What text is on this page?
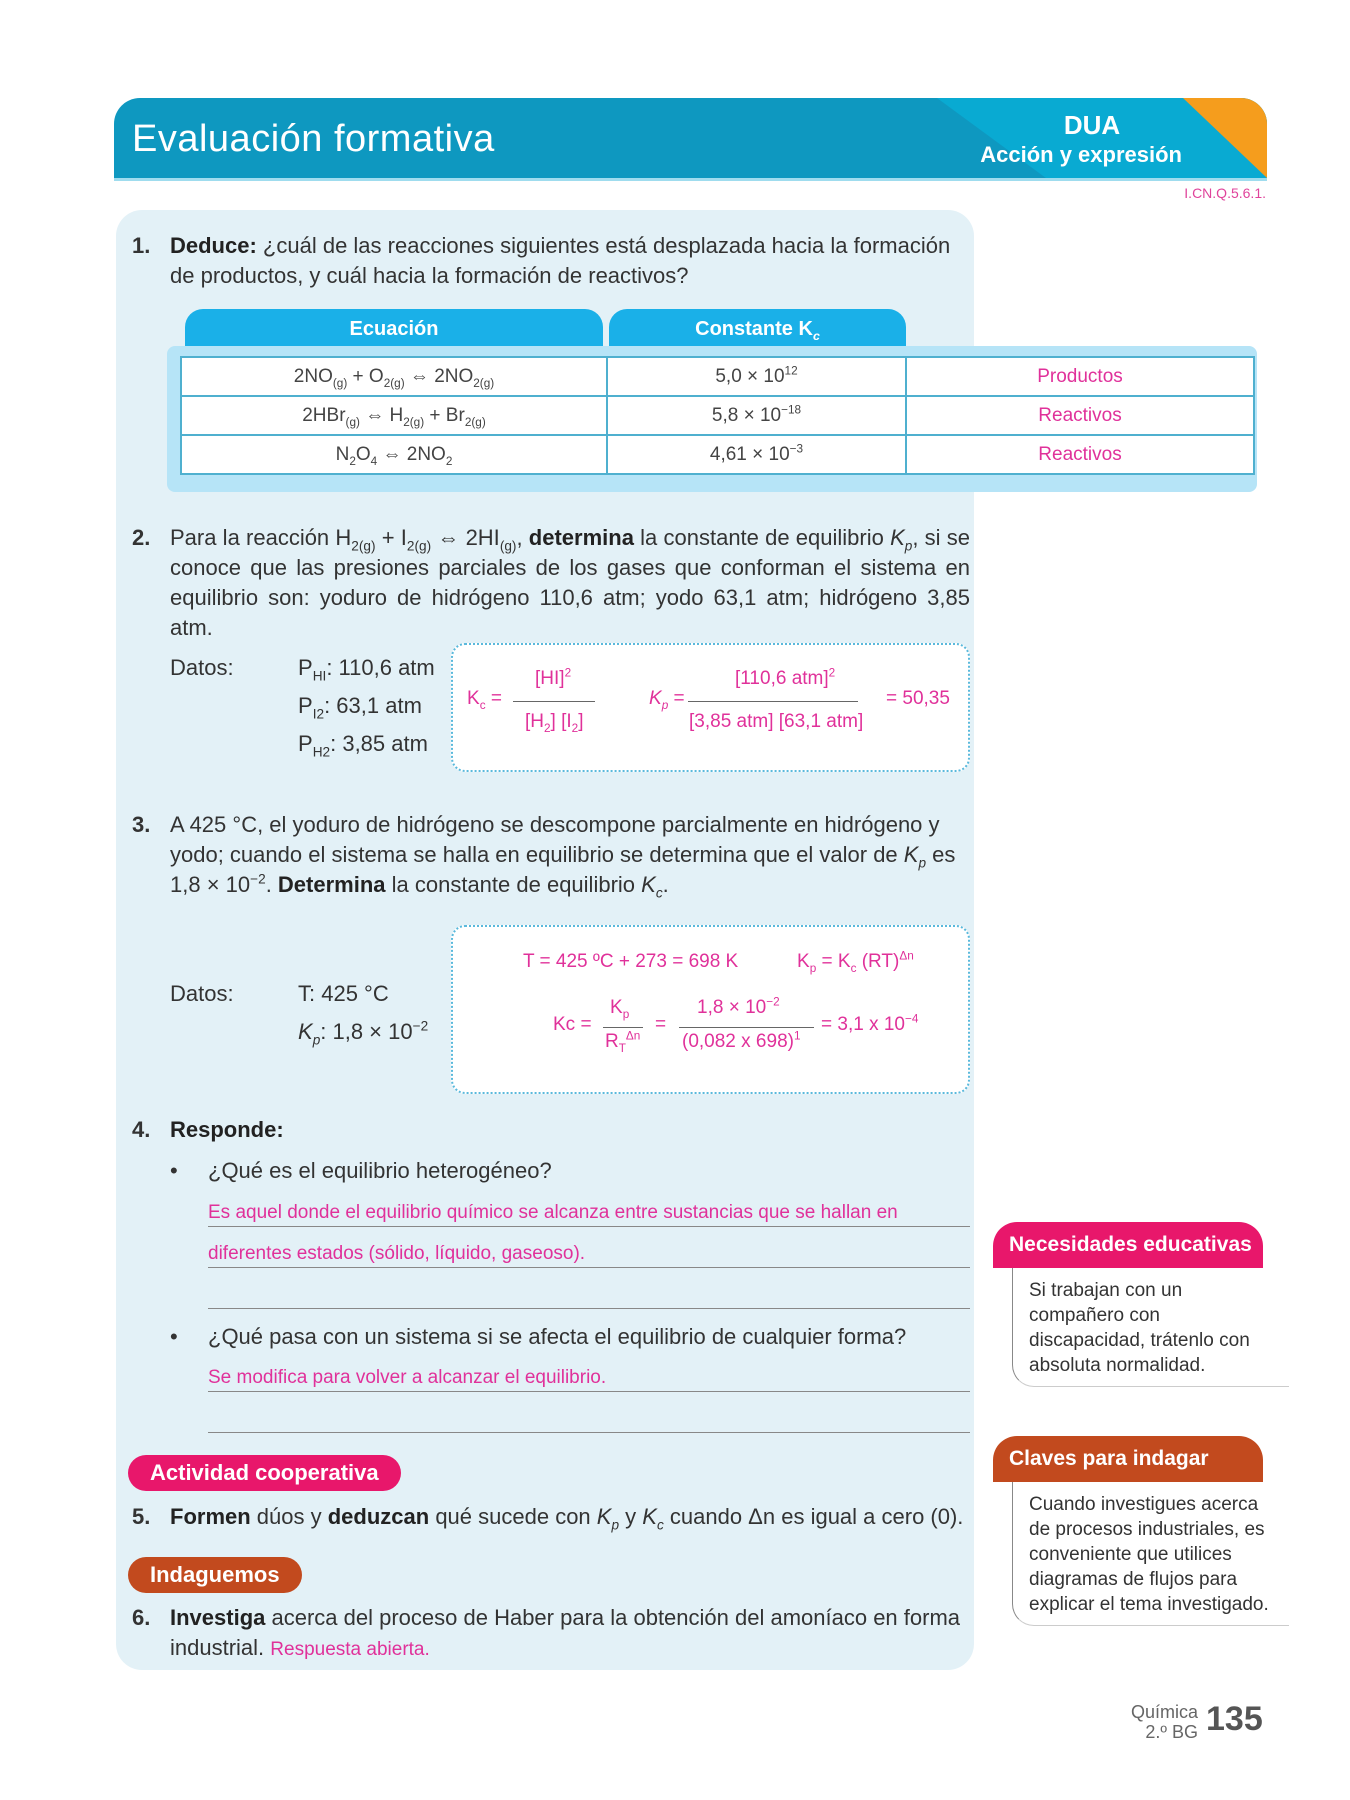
Evaluación formativa	DUA
Acción y expresión
I.CN.Q.5.6.1.
1. Deduce: ¿cuál de las reacciones siguientes está desplazada hacia la formación de productos, y cuál hacia la formación de reactivos?
Ecuación	Constante $K_c$
$2NO_{(g)} + O_{2(g)}$ ⇔ $2NO_{2(g)}$	$5,0 \times 10^{12}$	Productos
2HBr$_{(g)}$ ⇔ $H_{2(g)} + Br_{2(g)}$	$5,8 \times 10^{-18}$	Reactivos
$N_2O_4$ ⇔ $2NO_2$	$4,61 \times 10^{-3}$	Reactivos
2. Para la reacción $H_{2(g)} + I_{2(g)}$ ⇔ $2HI_{(g)}$, determina la constante de equilibrio $K_p$, si se conoce que las presiones parciales de los gases que conforman el sistema en equilibrio son: yoduro de hidrógeno 110,6 atm; yodo 63,1 atm; hidrógeno 3,85 atm.
Datos:	$P_{HI}$: 110,6 atm
$P_{I2}$: 63,1 atm
$P_{H2}$: 3,85 atm
$K_c$ =
[HI]$^2$
$[H_2]$ $[I_2]$
$K_p$ =
[110,6 atm]$^2$
[3,85 atm] [63,1 atm]
= 50,35
3. A 425 °C, el yoduro de hidrógeno se descompone parcialmente en hidrógeno y yodo; cuando el sistema se halla en equilibrio se determina que el valor de $K_p$ es $1,8 \times 10^{-2}$. Determina la constante de equilibrio $K_c$.
Datos:	T: 425 °C
$K_p$: $1,8 \times 10^{-2}$
T = 425 ºC + 273 = 698 K	$K_p = K_c$ (RT)$^{\Delta n}$
Kc =
$K_p$
$R_T^{\Delta n}$
=
$1,8 \times 10^{-2}$
(0,082 x 698)$^1$
= 3,1 x $10^{-4}$
4. Responde:
• ¿Qué es el equilibrio heterogéneo?
Es aquel donde el equilibrio químico se alcanza entre sustancias que se hallan en
diferentes estados (sólido, líquido, gaseoso).
• ¿Qué pasa con un sistema si se afecta el equilibrio de cualquier forma?
Se modifica para volver a alcanzar el equilibrio.
Actividad cooperativa
5. Formen dúos y deduzcan qué sucede con $K_p$ y $K_c$ cuando Δn es igual a cero (0).
Indaguemos
6. Investiga acerca del proceso de Haber para la obtención del amoníaco en forma industrial. Respuesta abierta.
Necesidades educativas
Si trabajan con un compañero con discapacidad, trátenlo con absoluta normalidad.
Claves para indagar
Cuando investigues acerca de procesos industriales, es conveniente que utilices diagramas de flujos para explicar el tema investigado.
Química
2.º BG 135
